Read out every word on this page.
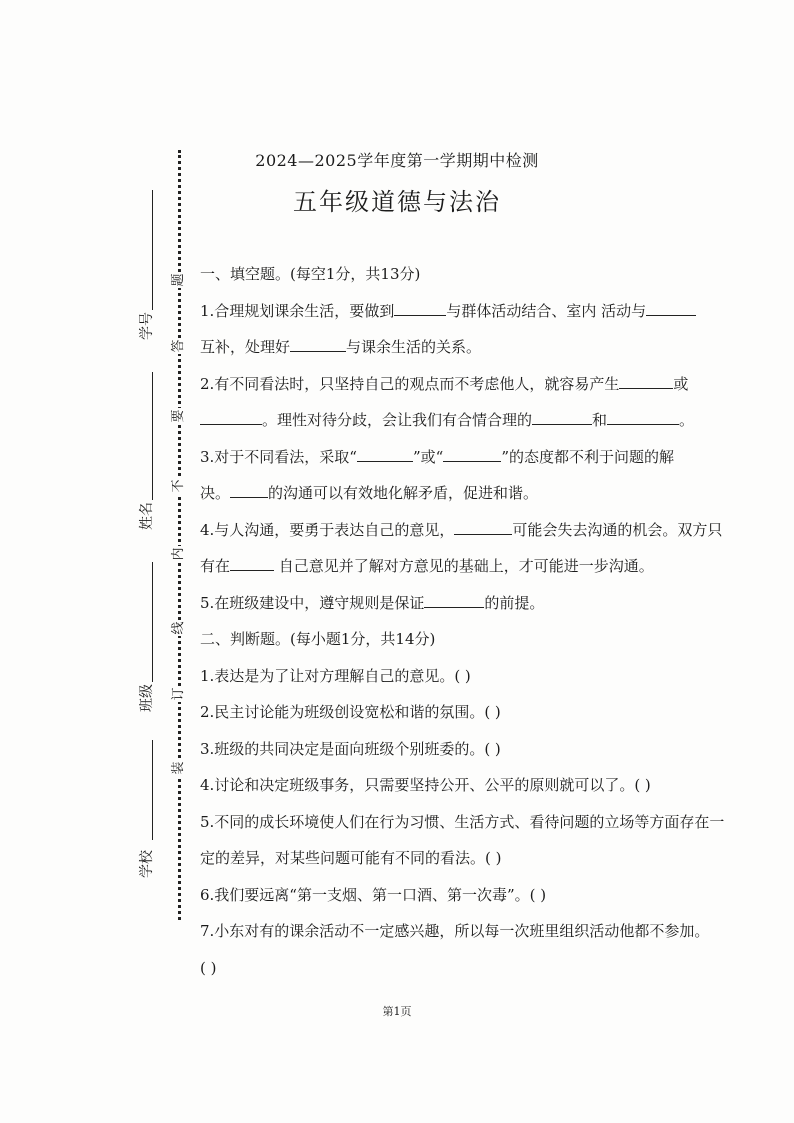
题
答
要
不
内
线
订
装
学号
姓名
班级
学校
2024—2025学年度第一学期期中检测
五年级道德与法治
一、填空题。(每空1分，共13分)
1.合理规划课余生活，要做到	与群体活动结合、室内 活动与
互补，处理好	与课余生活的关系。
2.有不同看法时，只坚持自己的观点而不考虑他人，就容易产生	或
。理性对待分歧，会让我们有合情合理的	和	。
3.对于不同看法，采取“	”或“	”的态度都不利于问题的解
决。	的沟通可以有效地化解矛盾，促进和谐。
4.与人沟通，要勇于表达自己的意见，	可能会失去沟通的机会。双方只
有在	自己意见并了解对方意见的基础上，才可能进一步沟通。
5.在班级建设中，遵守规则是保证	的前提。
二、判断题。(每小题1分，共14分)
1.表达是为了让对方理解自己的意见。( )
2.民主讨论能为班级创设宽松和谐的氛围。( )
3.班级的共同决定是面向班级个别班委的。( )
4.讨论和决定班级事务，只需要坚持公开、公平的原则就可以了。( )
5.不同的成长环境使人们在行为习惯、生活方式、看待问题的立场等方面存在一
定的差异，对某些问题可能有不同的看法。( )
6.我们要远离“第一支烟、第一口酒、第一次毒”。( )
7.小东对有的课余活动不一定感兴趣，所以每一次班里组织活动他都不参加。
( )
第1页
